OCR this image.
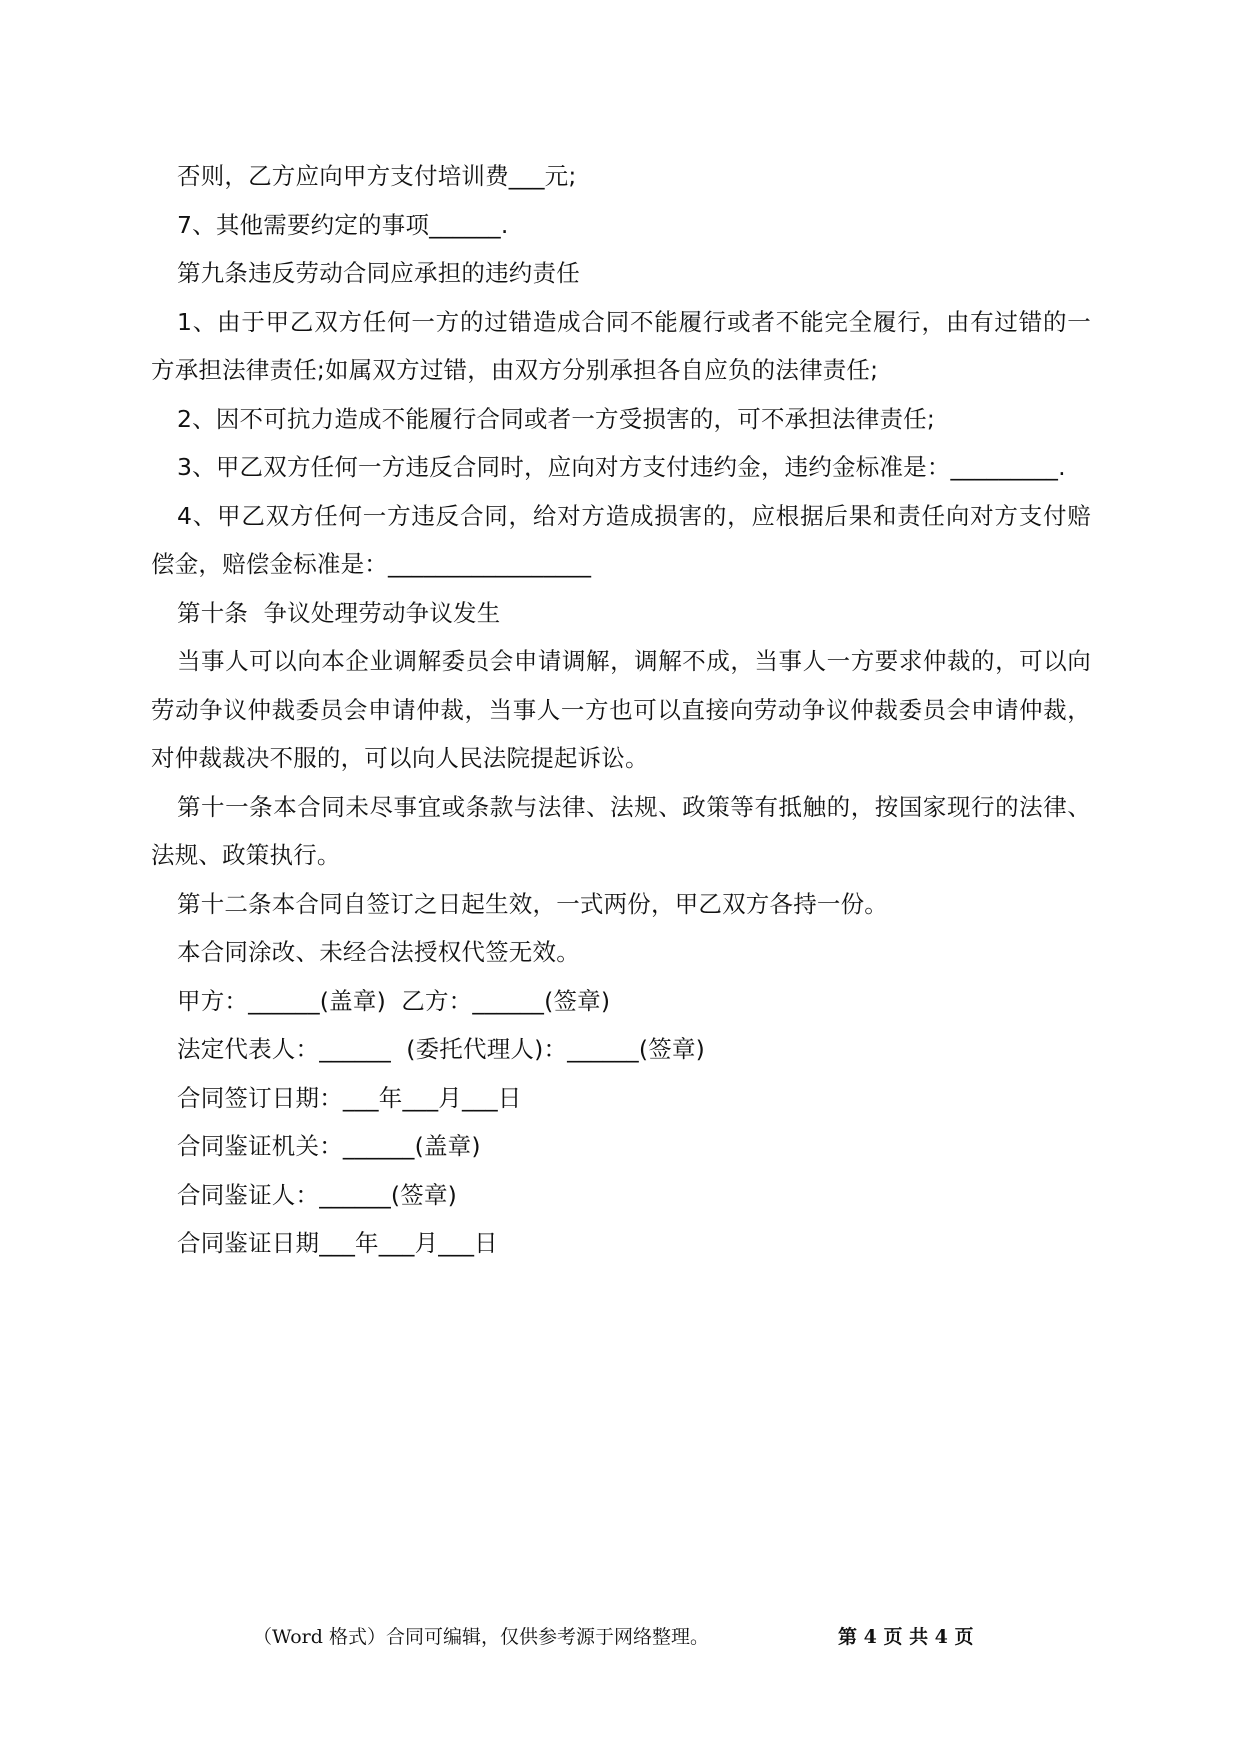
否则，乙方应向甲方支付培训费___元;

7、其他需要约定的事项______.

第九条违反劳动合同应承担的违约责任

1、由于甲乙双方任何一方的过错造成合同不能履行或者不能完全履行，由有过错的一方承担法律责任;如属双方过错，由双方分别承担各自应负的法律责任;

2、因不可抗力造成不能履行合同或者一方受损害的，可不承担法律责任;

3、甲乙双方任何一方违反合同时，应向对方支付违约金，违约金标准是：_________.

4、甲乙双方任何一方违反合同，给对方造成损害的，应根据后果和责任向对方支付赔偿金，赔偿金标准是：_________________

第十条  争议处理劳动争议发生

当事人可以向本企业调解委员会申请调解，调解不成，当事人一方要求仲裁的，可以向劳动争议仲裁委员会申请仲裁，当事人一方也可以直接向劳动争议仲裁委员会申请仲裁，对仲裁裁决不服的，可以向人民法院提起诉讼。

第十一条本合同未尽事宜或条款与法律、法规、政策等有抵触的，按国家现行的法律、法规、政策执行。

第十二条本合同自签订之日起生效，一式两份，甲乙双方各持一份。

本合同涂改、未经合法授权代签无效。

甲方：______(盖章)  乙方：______(签章)

法定代表人：______  (委托代理人)：______(签章)

合同签订日期：___年___月___日

合同鉴证机关：______(盖章)

合同鉴证人：______(签章)

合同鉴证日期___年___月___日

（Word 格式）合同可编辑，仅供参考源于网络整理。	第 4 页 共 4 页
